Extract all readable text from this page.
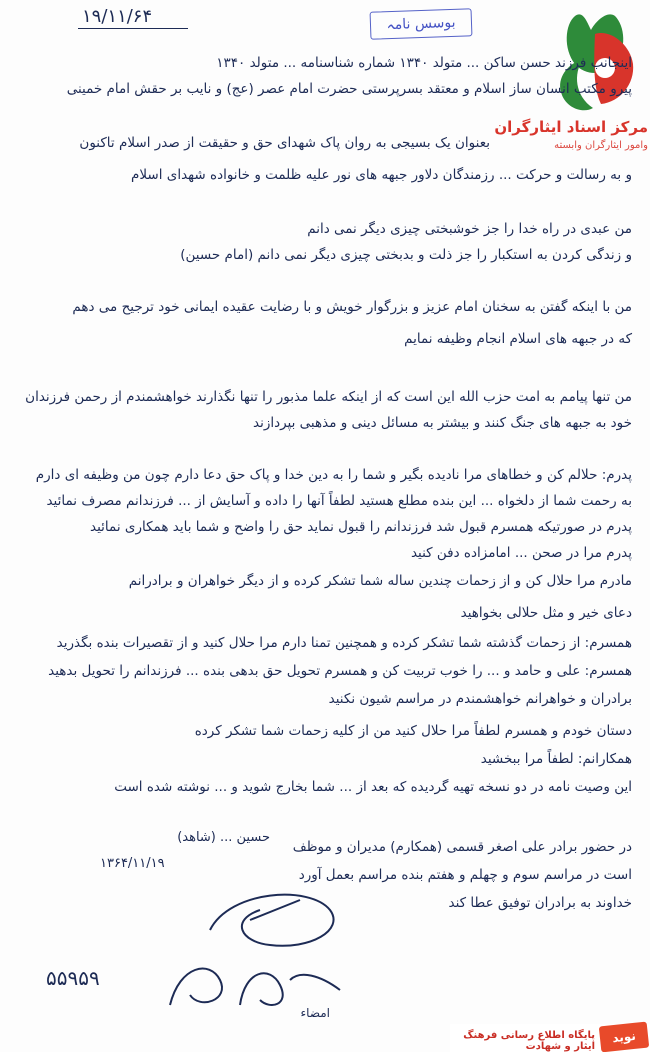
۱۹/۱۱/۶۴	بوسس نامہ
مرکز اسناد ایثارگران
وامور ایثارگران وابسته
اینجانب فرزند حسن ساکن ... متولد ۱۳۴۰ شماره شناسنامه ... متولد ۱۳۴۰
پیرو مکتب انسان ساز اسلام و معتقد بسرپرستی حضرت امام عصر (عج) و نایب بر حقش امام خمینی
بعنوان یک بسیجی به روان پاک شهدای حق و حقیقت از صدر اسلام تاکنون
و به رسالت و حرکت ... رزمندگان دلاور جبهه های نور علیه ظلمت و خانواده شهدای اسلام
من عبدی در راه خدا را جز خوشبختی چیزی دیگر نمی دانم
و زندگی کردن به استکبار را جز ذلت و بدبختی چیزی دیگر نمی دانم (امام حسین)
من با اینکه گفتن به سخنان امام عزیز و بزرگوار خویش و با رضایت عقیده ایمانی خود ترجیح می دهم
که در جبهه های اسلام انجام وظیفه نمایم
من تنها پیامم به امت حزب الله این است که از اینکه علما مذبور را تنها نگذارند خواهشمندم از رحمن فرزندان
خود به جبهه های جنگ کنند و بیشتر به مسائل دینی و مذهبی بپردازند
پدرم: حلالم کن و خطاهای مرا نادیده بگیر و شما را به دین خدا و پاک حق دعا دارم چون من وظیفه ای دارم
به رحمت شما از دلخواه ... این بنده مطلع هستید لطفاً آنها را داده و آسایش از ... فرزندانم مصرف نمائید
پدرم در صورتیکه همسرم قبول شد فرزندانم را قبول نماید حق را واضح و شما باید همکاری نمائید
پدرم مرا در صحن ... امامزاده دفن کنید
مادرم مرا حلال کن و از زحمات چندین ساله شما تشکر کرده و از دیگر خواهران و برادرانم
دعای خیر و مثل حلالی بخواهید
همسرم: از زحمات گذشته شما تشکر کرده و همچنین تمنا دارم مرا حلال کنید و از تقصیرات بنده بگذرید
همسرم: علی و حامد و ... را خوب تربیت کن و همسرم تحویل حق بدهی بنده ... فرزندانم را تحویل بدهید
برادران و خواهرانم خواهشمندم در مراسم شیون نکنید
دستان خودم و همسرم لطفاً مرا حلال کنید من از کلیه زحمات شما تشکر کرده
همکارانم: لطفاً مرا ببخشید
این وصیت نامه در دو نسخه تهیه گردیده که بعد از ... شما بخارج شوید و ... نوشته شده است
در حضور برادر علی اصغر قسمی (همکارم) مدیران و موظف
است در مراسم سوم و چهلم و هفتم بنده مراسم بعمل آورد
خداوند به برادران توفیق عطا کند
حسین ... (شاهد)
۱۳۶۴/۱۱/۱۹
۵۵۹۵۹
امضاء
پایگاه اطلاع رسانی فرهنگ ایثار و شهادت
نوید
